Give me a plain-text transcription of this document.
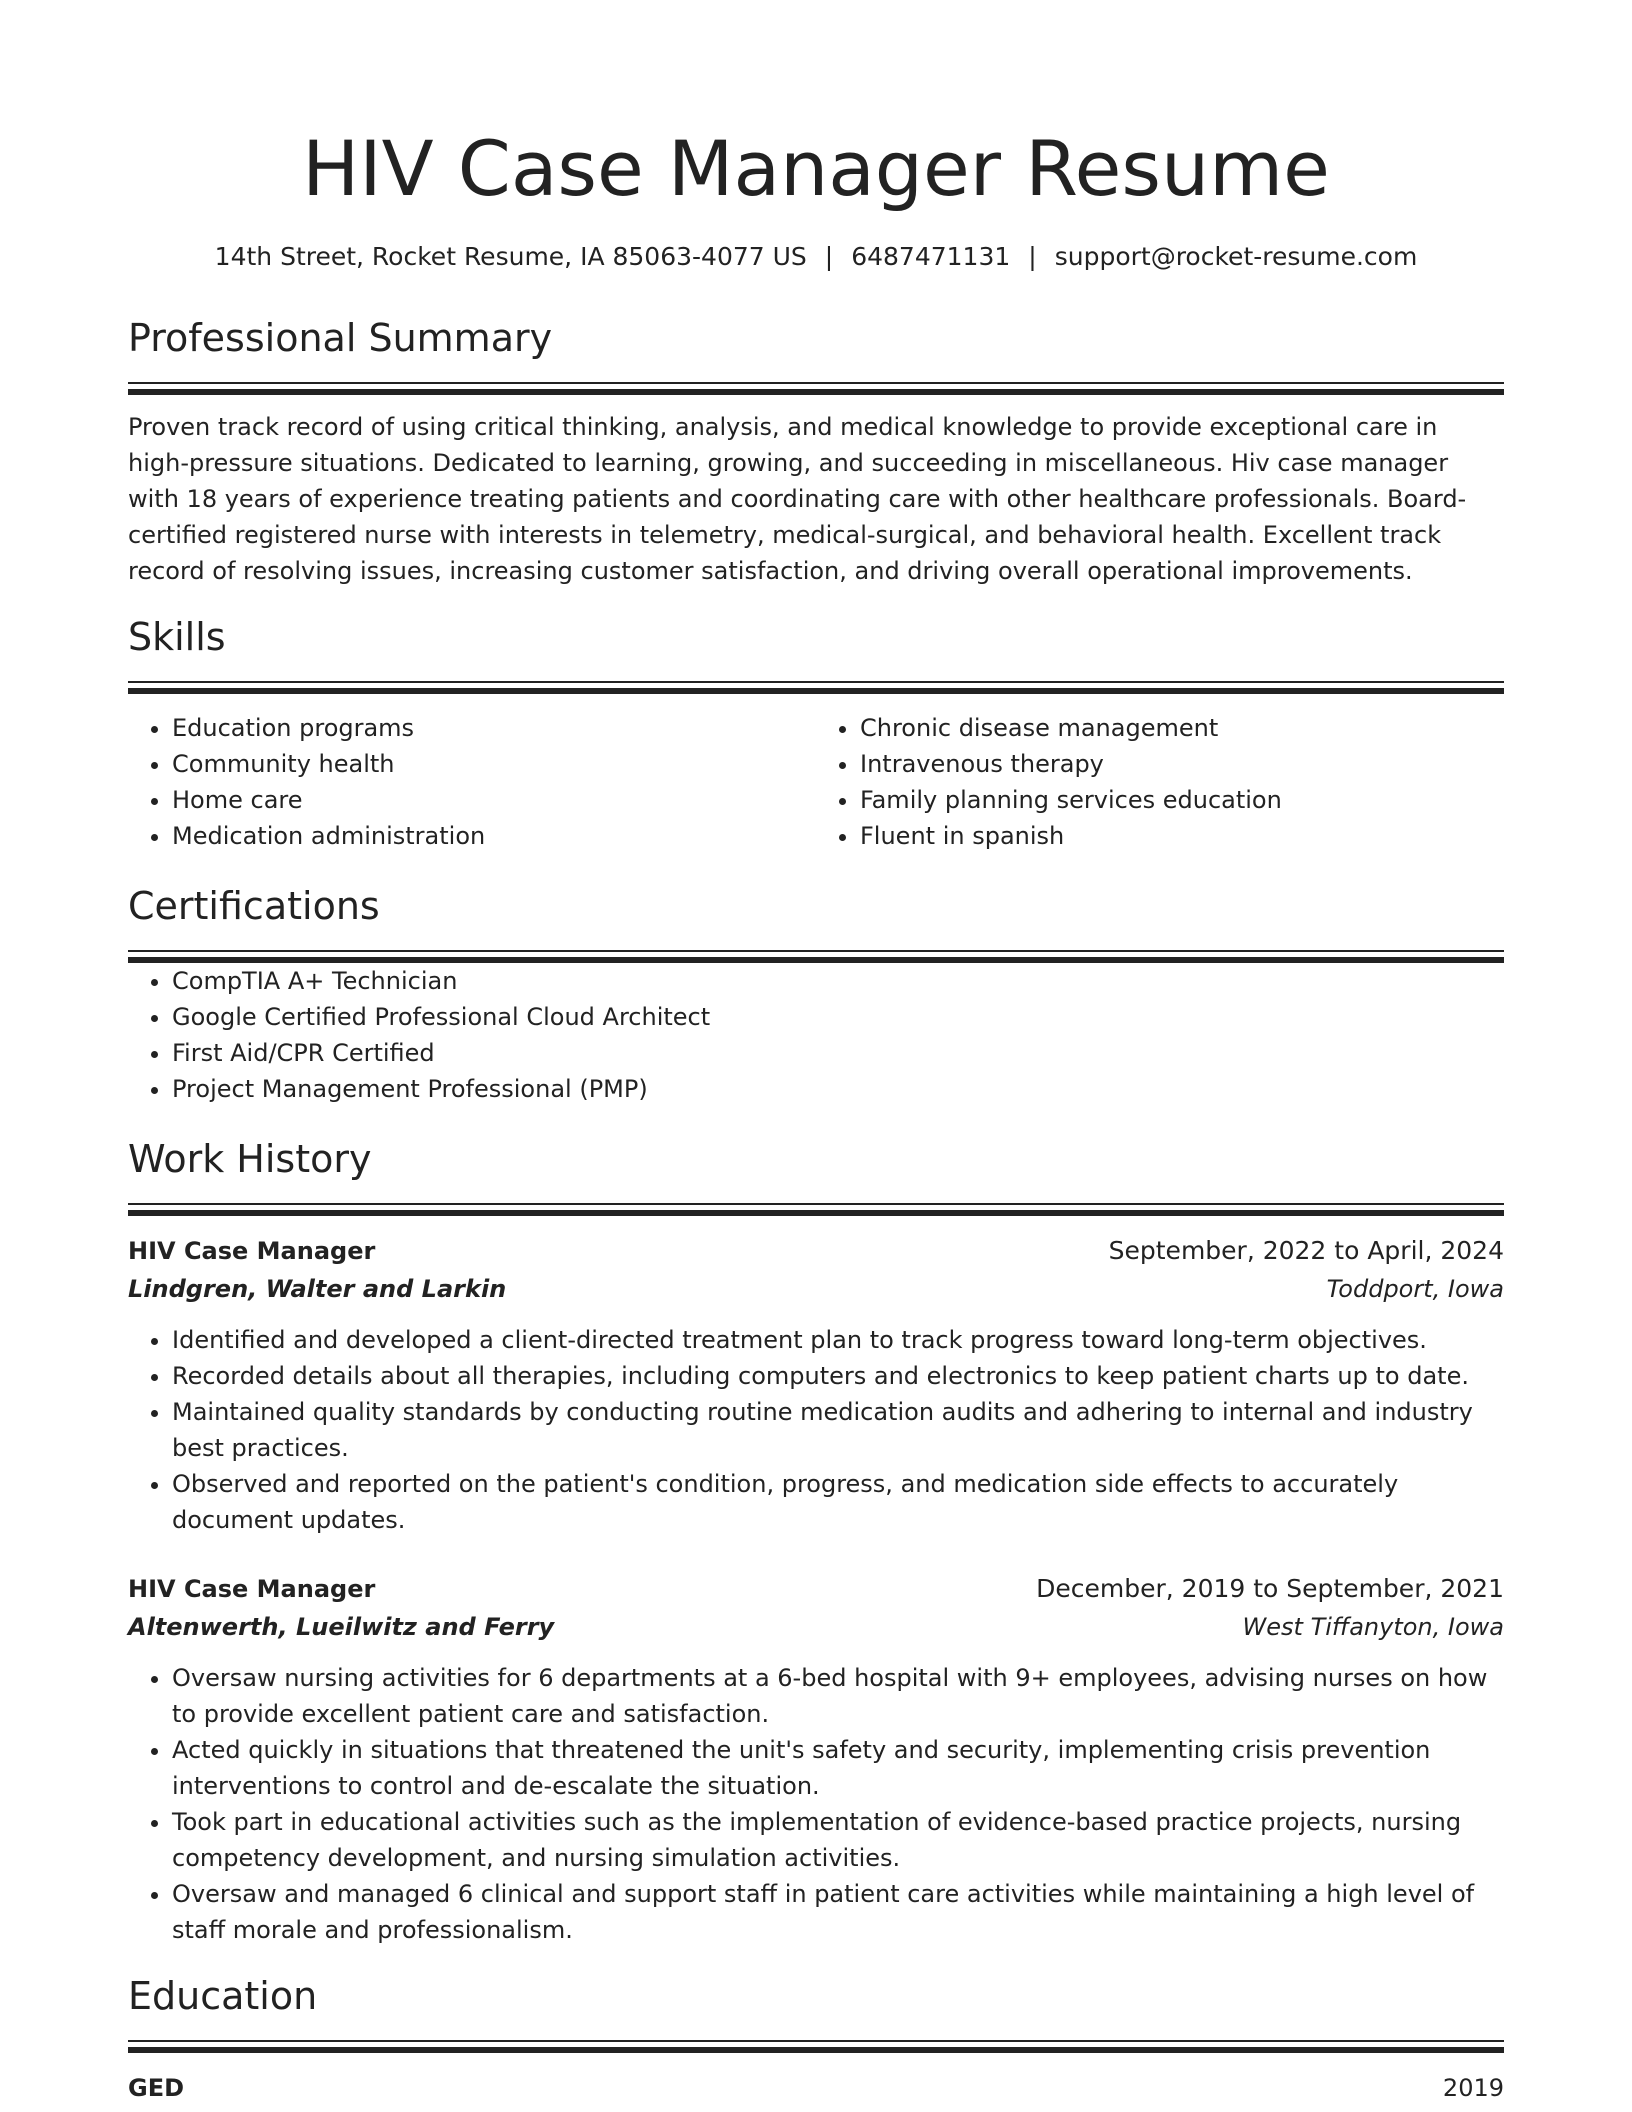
HIV Case Manager Resume
14th Street, Rocket Resume, IA 85063-4077 US | 6487471131 | support@rocket-resume.com
Professional Summary

Proven track record of using critical thinking, analysis, and medical knowledge to provide exceptional care in high-pressure situations. Dedicated to learning, growing, and succeeding in miscellaneous. Hiv case manager with 18 years of experience treating patients and coordinating care with other healthcare professionals. Board-certified registered nurse with interests in telemetry, medical-surgical, and behavioral health. Excellent track record of resolving issues, increasing customer satisfaction, and driving overall operational improvements.

Skills
• Education programs
• Community health
• Home care
• Medication administration
• Chronic disease management
• Intravenous therapy
• Family planning services education
• Fluent in spanish
Certifications
• CompTIA A+ Technician
• Google Certified Professional Cloud Architect
• First Aid/CPR Certified
• Project Management Professional (PMP)
Work History
HIV Case Manager	September, 2022 to April, 2024
Lindgren, Walter and Larkin	Toddport, Iowa
• Identified and developed a client-directed treatment plan to track progress toward long-term objectives.
• Recorded details about all therapies, including computers and electronics to keep patient charts up to date.
• Maintained quality standards by conducting routine medication audits and adhering to internal and industry best practices.
• Observed and reported on the patient's condition, progress, and medication side effects to accurately document updates.
HIV Case Manager	December, 2019 to September, 2021
Altenwerth, Lueilwitz and Ferry	West Tiffanyton, Iowa
• Oversaw nursing activities for 6 departments at a 6-bed hospital with 9+ employees, advising nurses on how to provide excellent patient care and satisfaction.
• Acted quickly in situations that threatened the unit's safety and security, implementing crisis prevention interventions to control and de-escalate the situation.
• Took part in educational activities such as the implementation of evidence-based practice projects, nursing competency development, and nursing simulation activities.
• Oversaw and managed 6 clinical and support staff in patient care activities while maintaining a high level of staff morale and professionalism.
Education
GED	2019
